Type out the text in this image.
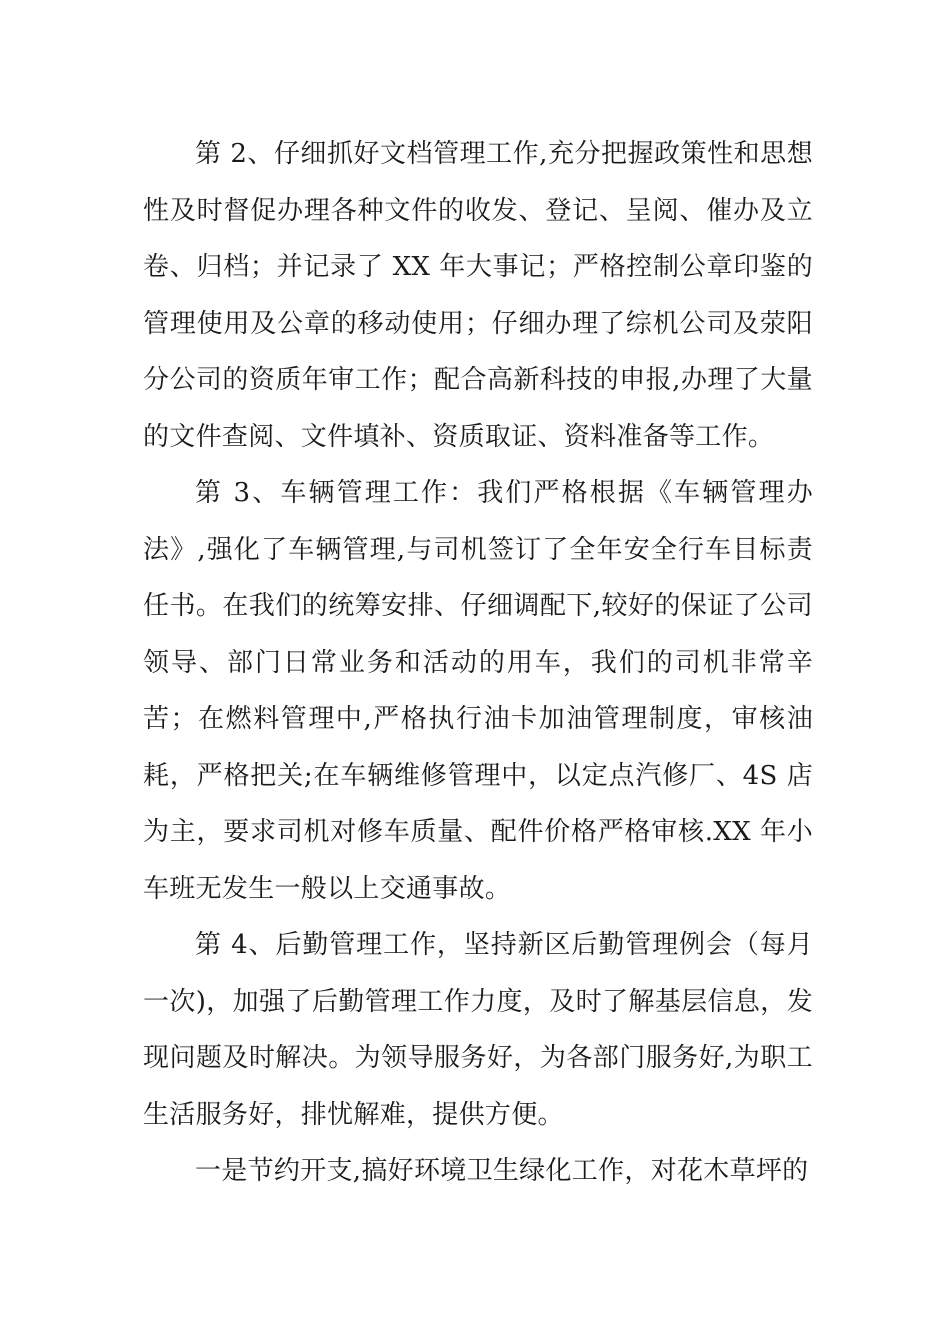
第 2、仔细抓好文档管理工作,充分把握政策性和思想性及时督促办理各种文件的收发、登记、呈阅、催办及立卷、归档；并记录了 XX 年大事记；严格控制公章印鉴的管理使用及公章的移动使用；仔细办理了综机公司及荥阳分公司的资质年审工作；配合高新科技的申报,办理了大量的文件查阅、文件填补、资质取证、资料准备等工作。

第 3、车辆管理工作：我们严格根据《车辆管理办法》,强化了车辆管理,与司机签订了全年安全行车目标责任书。在我们的统筹安排、仔细调配下,较好的保证了公司领导、部门日常业务和活动的用车，我们的司机非常辛苦；在燃料管理中,严格执行油卡加油管理制度，审核油耗，严格把关;在车辆维修管理中，以定点汽修厂、4S 店为主，要求司机对修车质量、配件价格严格审核.XX 年小车班无发生一般以上交通事故。

第 4、后勤管理工作，坚持新区后勤管理例会（每月一次)，加强了后勤管理工作力度，及时了解基层信息，发现问题及时解决。为领导服务好，为各部门服务好,为职工生活服务好，排忧解难，提供方便。

一是节约开支,搞好环境卫生绿化工作，对花木草坪的
